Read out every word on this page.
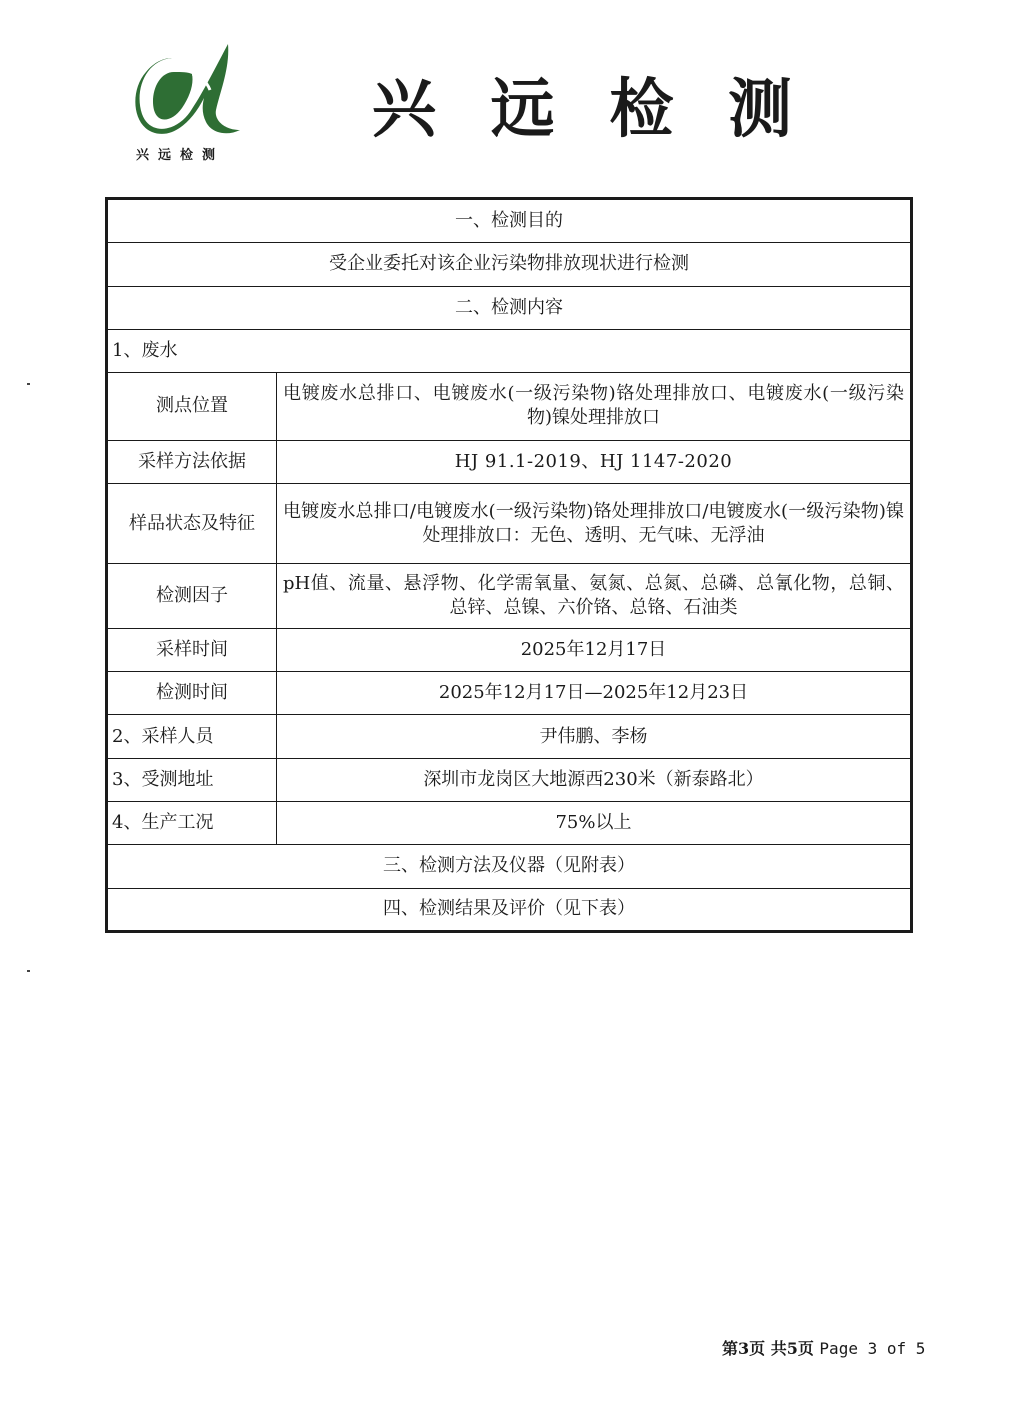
兴远检测
兴 远 检 测
一、检测目的	
受企业委托对该企业污染物排放现状进行检测	
二、检测内容	
1、废水	
测点位置	电镀废水总排口、电镀废水(一级污染物)铬处理排放口、电镀废水(一级污染物)镍处理排放口
采样方法依据	HJ 91.1-2019、HJ 1147-2020
样品状态及特征	电镀废水总排口/电镀废水(一级污染物)铬处理排放口/电镀废水(一级污染物)镍处理排放口：无色、透明、无气味、无浮油
检测因子	pH值、流量、悬浮物、化学需氧量、氨氮、总氮、总磷、总氰化物，总铜、总锌、总镍、六价铬、总铬、石油类
采样时间	2025年12月17日
检测时间	2025年12月17日—2025年12月23日
2、采样人员	尹伟鹏、李杨
3、受测地址	深圳市龙岗区大地源西230米（新泰路北）
4、生产工况	75%以上
三、检测方法及仪器（见附表）	
四、检测结果及评价（见下表）	
第3页 共5页 Page 3 of 5
